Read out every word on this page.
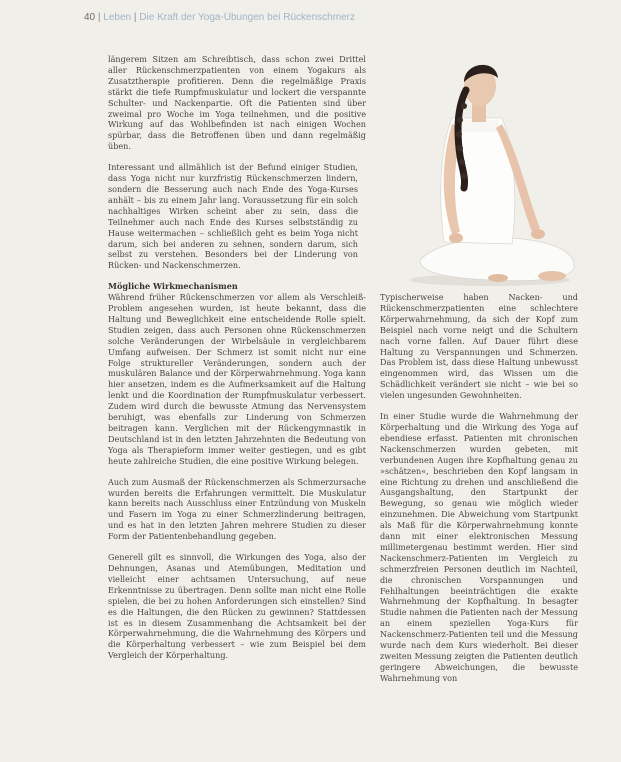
40 | Leben | Die Kraft der Yoga-Übungen bei Rückenschmerz

längerem Sitzen am Schreibtisch, dass schon zwei Drittel aller Rückenschmerzpatienten von einem Yogakurs als Zusatztherapie profitieren. Denn die regelmäßige Praxis stärkt die tiefe Rumpfmuskulatur und lockert die verspannte Schulter- und Nackenpartie. Oft die Patienten sind über zweimal pro Woche im Yoga teilnehmen, und die positive Wirkung auf das Wohlbefinden ist nach einigen Wochen spürbar, dass die Betroffenen üben und dann regelmäßig üben.

Interessant und allmählich ist der Befund einiger Studien, dass Yoga nicht nur kurzfristig Rückenschmerzen lindern, sondern die Besserung auch nach Ende des Yoga-Kurses anhält – bis zu einem Jahr lang. Voraussetzung für ein solch nachhaltiges Wirken scheint aber zu sein, dass die Teilnehmer auch nach Ende des Kurses selbstständig zu Hause weitermachen – schließlich geht es beim Yoga nicht darum, sich bei anderen zu sehnen, sondern darum, sich selbst zu verstehen. Besonders bei der Linderung von Rücken- und Nackenschmerzen.

Mögliche Wirkmechanismen

Während früher Rückenschmerzen vor allem als Verschleiß-Problem angesehen wurden, ist heute bekannt, dass die Haltung und Beweglichkeit eine entscheidende Rolle spielt. Studien zeigen, dass auch Personen ohne Rückenschmerzen solche Veränderungen der Wirbelsäule in vergleichbarem Umfang aufweisen. Der Schmerz ist somit nicht nur eine Folge struktureller Veränderungen, sondern auch der muskulären Balance und der Körperwahrnehmung. Yoga kann hier ansetzen, indem es die Aufmerksamkeit auf die Haltung lenkt und die Koordination der Rumpfmuskulatur verbessert. Zudem wird durch die bewusste Atmung das Nervensystem beruhigt, was ebenfalls zur Linderung von Schmerzen beitragen kann. Verglichen mit der Rückengymnastik in Deutschland ist in den letzten Jahrzehnten die Bedeutung von Yoga als Therapieform immer weiter gestiegen, und es gibt heute zahlreiche Studien, die eine positive Wirkung belegen.

Auch zum Ausmaß der Rückenschmerzen als Schmerzursache wurden bereits die Erfahrungen vermittelt. Die Muskulatur kann bereits nach Ausschluss einer Entzündung von Muskeln und Fasern im Yoga zu einer Schmerzlinderung beitragen, und es hat in den letzten Jahren mehrere Studien zu dieser Form der Patientenbehandlung gegeben.

Generell gilt es sinnvoll, die Wirkungen des Yoga, also der Dehnungen, Asanas und Atemübungen, Meditation und vielleicht einer achtsamen Untersuchung, auf neue Erkenntnisse zu übertragen. Denn sollte man nicht eine Rolle spielen, die bei zu hohen Anforderungen sich einstellen? Sind es die Haltungen, die den Rücken zu gewinnen? Stattdessen ist es in diesem Zusammenhang die Achtsamkeit bei der Körperwahrnehmung, die die Wahrnehmung des Körpers und die Körperhaltung verbessert – wie zum Beispiel bei dem Vergleich der Körperhaltung.

Typischerweise haben Nacken- und Rückenschmerzpatienten eine schlechtere Körperwahrnehmung, da sich der Kopf zum Beispiel nach vorne neigt und die Schultern nach vorne fallen. Auf Dauer führt diese Haltung zu Verspannungen und Schmerzen. Das Problem ist, dass diese Haltung unbewusst eingenommen wird, das Wissen um die Schädlichkeit verändert sie nicht – wie bei so vielen ungesunden Gewohnheiten.

In einer Studie wurde die Wahrnehmung der Körperhaltung und die Wirkung des Yoga auf ebendiese erfasst. Patienten mit chronischen Nackenschmerzen wurden gebeten, mit verbundenen Augen ihre Kopfhaltung genau zu »schätzen«, beschrieben den Kopf langsam in eine Richtung zu drehen und anschließend die Ausgangshaltung, den Startpunkt der Bewegung, so genau wie möglich wieder einzunehmen. Die Abweichung vom Startpunkt als Maß für die Körperwahrnehmung konnte dann mit einer elektronischen Messung millimetergenau bestimmt werden. Hier sind Nackenschmerz-Patienten im Vergleich zu schmerzfreien Personen deutlich im Nachteil, die chronischen Vorspannungen und Fehlhaltungen beeinträchtigen die exakte Wahrnehmung der Kopfhaltung. In besagter Studie nahmen die Patienten nach der Messung an einem speziellen Yoga-Kurs für Nackenschmerz-Patienten teil und die Messung wurde nach dem Kurs wiederholt. Bei dieser zweiten Messung zeigten die Patienten deutlich geringere Abweichungen, die bewusste Wahrnehmung von
